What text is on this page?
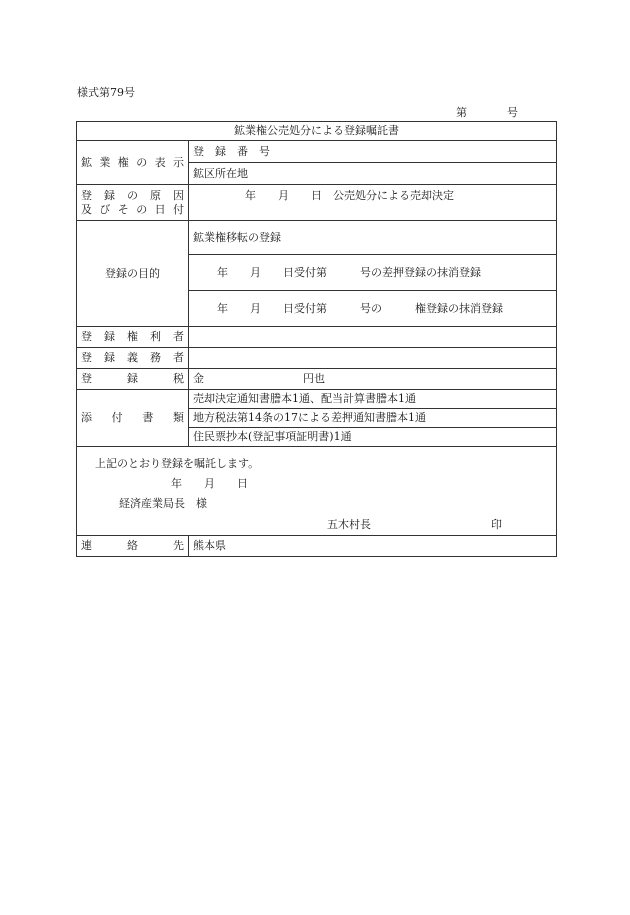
様式第79号
第	号
鉱業権公売処分による登録嘱託書	
鉱業権の表示	登　録　番　号
	鉱区所在地

登録の原因
及びその日付	年　　月　　日　公売処分による売却決定
登録の目的	鉱業権移転の登録
	年　　月　　日受付第　　　号の差押登録の抹消登録
	年　　月　　日受付第　　　号の　　　権登録の抹消登録
登録権利者	
登録義務者	
登録税	金　　　　　　　　　円也
添付書類	売却決定通知書謄本1通、配当計算書謄本1通
	地方税法第14条の17による差押通知書謄本1通
	住民票抄本(登記事項証明書)1通

上記のとおり登録を嘱託します。
年　　月　　日
経済産業局長　様
五木村長 印	

連絡先	熊本県
